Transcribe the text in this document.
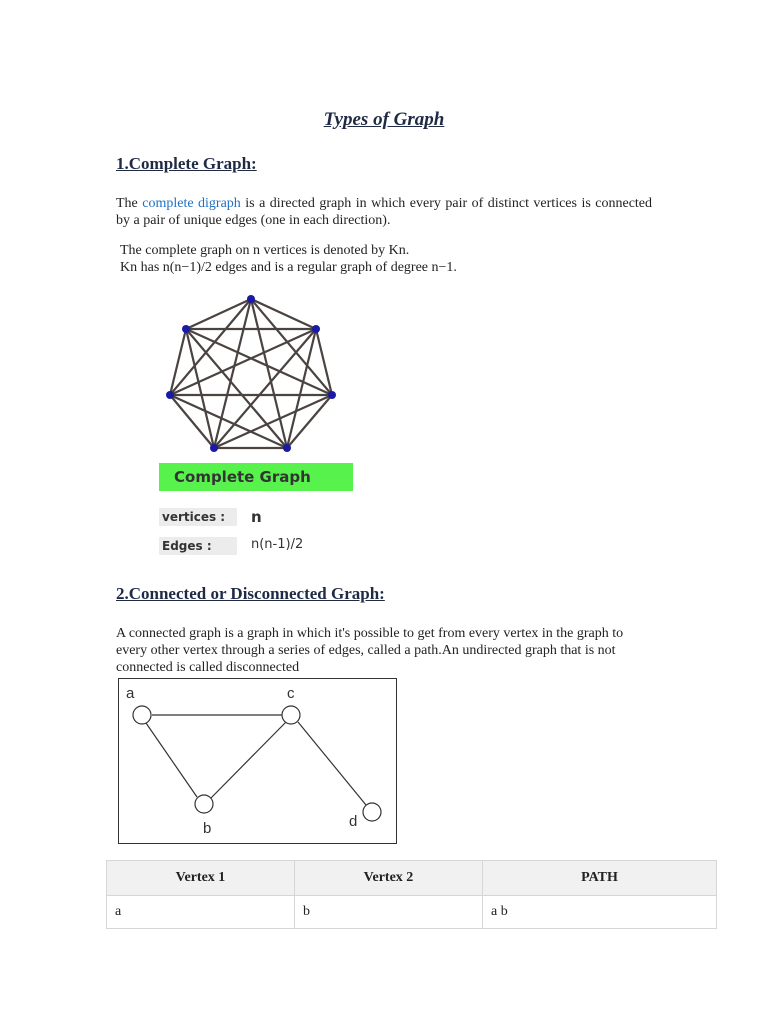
Types of Graph
1.Complete Graph:
The complete digraph is a directed graph in which every pair of distinct vertices is connected by a pair of unique edges (one in each direction).
The complete graph on n vertices is denoted by Kn.
Kn has n(n−1)/2 edges and is a regular graph of degree n−1.
Complete Graph
vertices :	n
Edges :	n(n-1)/2
2.Connected or Disconnected Graph:
A connected graph is a graph in which it's possible to get from every vertex in the graph to every other vertex through a series of edges, called a path.An undirected graph that is not connected is called disconnected
a	c
b	d
Vertex 1	Vertex 2	PATH
a	b	a b
